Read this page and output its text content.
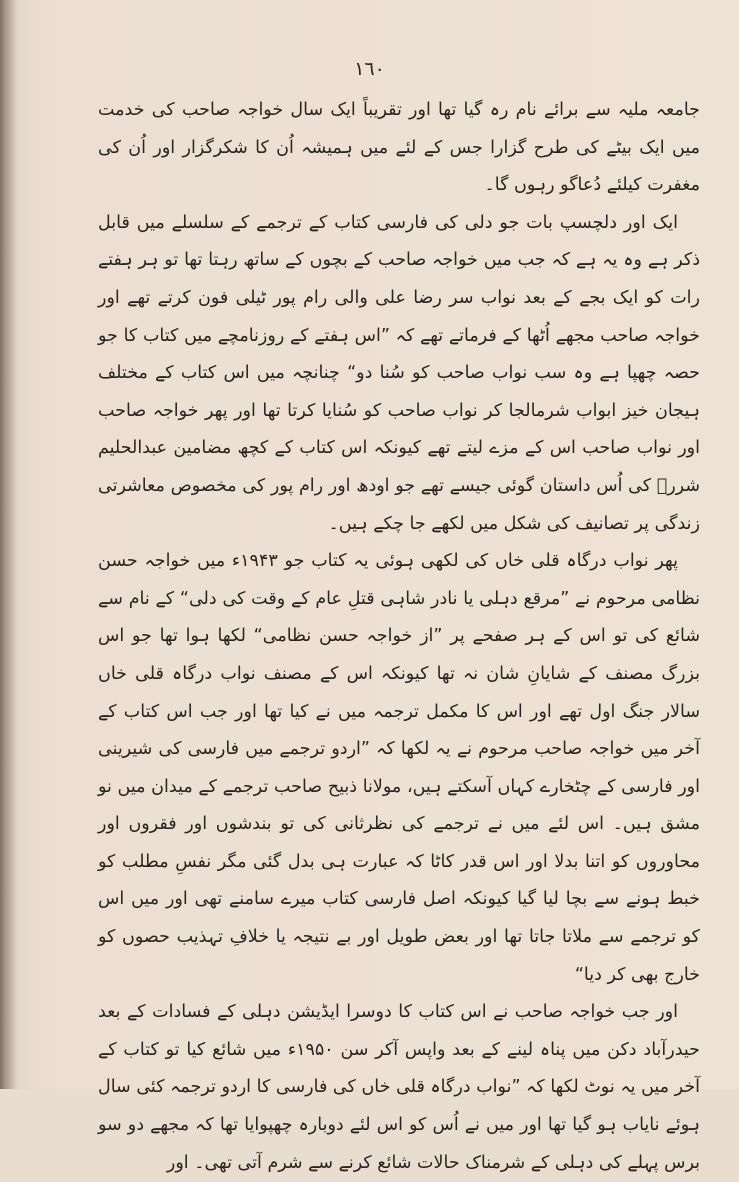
١٦٠

جامعہ ملیہ سے برائے نام رہ گیا تھا اور تقریباً ایک سال خواجہ صاحب کی خدمت میں ایک بیٹے کی طرح گزارا جس کے لئے میں ہمیشہ اُن کا شکرگزار اور اُن کی مغفرت کیلئے دُعاگو رہوں گا۔

ایک اور دلچسپ بات جو دلی کی فارسی کتاب کے ترجمے کے سلسلے میں قابل ذکر ہے وہ یہ ہے کہ جب میں خواجہ صاحب کے بچوں کے ساتھ رہتا تھا تو ہر ہفتے رات کو ایک بجے کے بعد نواب سر رضا علی والی رام پور ٹیلی فون کرتے تھے اور خواجہ صاحب مجھے اُٹھا کے فرماتے تھے کہ ”اس ہفتے کے روزنامچے میں کتاب کا جو حصہ چھپا ہے وہ سب نواب صاحب کو سُنا دو“ چنانچہ میں اس کتاب کے مختلف ہیجان خیز ابواب شرمالجا کر نواب صاحب کو سُنایا کرتا تھا اور پھر خواجہ صاحب اور نواب صاحب اس کے مزے لیتے تھے کیونکہ اس کتاب کے کچھ مضامین عبدالحلیم شررؔ کی اُس داستان گوئی جیسے تھے جو اودھ اور رام پور کی مخصوص معاشرتی زندگی پر تصانیف کی شکل میں لکھے جا چکے ہیں۔

پھر نواب درگاہ قلی خاں کی لکھی ہوئی یہ کتاب جو ۱۹۴۳ء میں خواجہ حسن نظامی مرحوم نے ”مرقع دہلی یا نادر شاہی قتلِ عام کے وقت کی دلی“ کے نام سے شائع کی تو اس کے ہر صفحے پر ”از خواجہ حسن نظامی“ لکھا ہوا تھا جو اس بزرگ مصنف کے شایانِ شان نہ تھا کیونکہ اس کے مصنف نواب درگاہ قلی خاں سالار جنگ اول تھے اور اس کا مکمل ترجمہ میں نے کیا تھا اور جب اس کتاب کے آخر میں خواجہ صاحب مرحوم نے یہ لکھا کہ ”اردو ترجمے میں فارسی کی شیرینی اور فارسی کے چٹخارے کہاں آسکتے ہیں، مولانا ذبیح صاحب ترجمے کے میدان میں نو مشق ہیں۔ اس لئے میں نے ترجمے کی نظرثانی کی تو بندشوں اور فقروں اور محاوروں کو اتنا بدلا اور اس قدر کاٹا کہ عبارت ہی بدل گئی مگر نفسِ مطلب کو خبط ہونے سے بچا لیا گیا کیونکہ اصل فارسی کتاب میرے سامنے تھی اور میں اس کو ترجمے سے ملاتا جاتا تھا اور بعض طویل اور بے نتیجہ یا خلافِ تہذیب حصوں کو خارج بھی کر دیا“

اور جب خواجہ صاحب نے اس کتاب کا دوسرا ایڈیشن دہلی کے فسادات کے بعد حیدرآباد دکن میں پناہ لینے کے بعد واپس آکر سن ۱۹۵۰ء میں شائع کیا تو کتاب کے آخر میں یہ نوٹ لکھا کہ ”نواب درگاہ قلی خاں کی فارسی کا اردو ترجمہ کئی سال ہوئے نایاب ہو گیا تھا اور میں نے اُس کو اس لئے دوبارہ چھپوایا تھا کہ مجھے دو سو برس پہلے کی دہلی کے شرمناک حالات شائع کرنے سے شرم آتی تھی۔ اور
